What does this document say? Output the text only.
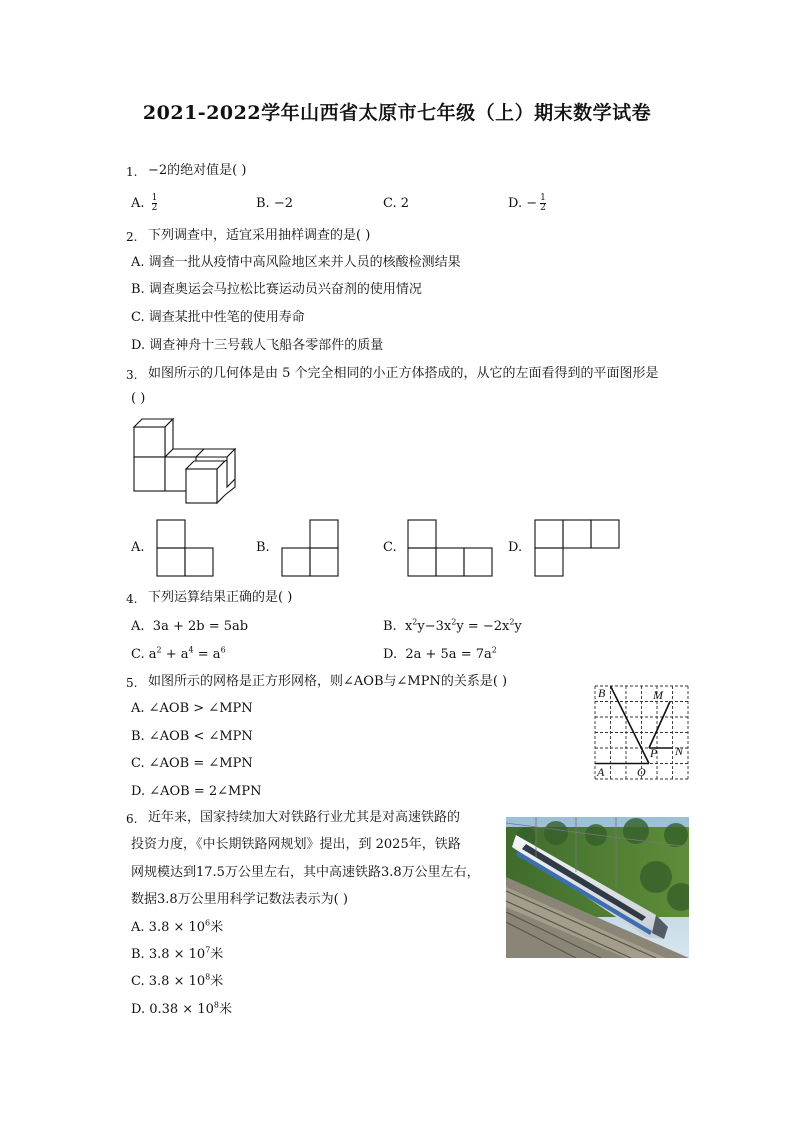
2021-2022学年山西省太原市七年级（上）期末数学试卷
1. −2的绝对值是( )
A. $\frac{1}{2}$	B. −2	C. 2	D. − $\frac{1}{2}$
2. 下列调查中，适宜采用抽样调查的是( )
A. 调查一批从疫情中高风险地区来并人员的核酸检测结果
B. 调查奥运会马拉松比赛运动员兴奋剂的使用情况
C. 调查某批中性笔的使用寿命
D. 调查神舟十三号载人飞船各零部件的质量
3. 如图所示的几何体是由 5 个完全相同的小正方体搭成的，从它的左面看得到的平面图形是
( )
A.	B.	C.	D.
4. 下列运算结果正确的是( )
A. 3a + 2b = 5ab	B. $x^2y-3x^2y = -2x^2y$
C. $a^2 + a^4 = a^6$	D. $2a + 5a = 7a^2$
5. 如图所示的网格是正方形网格，则∠AOB与∠MPN的关系是( )
A. ∠AOB > ∠MPN
B. ∠AOB < ∠MPN
C. ∠AOB = ∠MPN
D. ∠AOB = 2∠MPN
B	M
P N
A	O
6. 近年来，国家持续加大对铁路行业尤其是对高速铁路的
投资力度，《中长期铁路网规划》提出，到 2025年，铁路
网规模达到17.5万公里左右，其中高速铁路3.8万公里左右，
数据3.8万公里用科学记数法表示为( )
A. $3.8 \times 10^6$米
B. $3.8 \times 10^7$米
C. $3.8 \times 10^8$米
D. $0.38 \times 10^8$米
